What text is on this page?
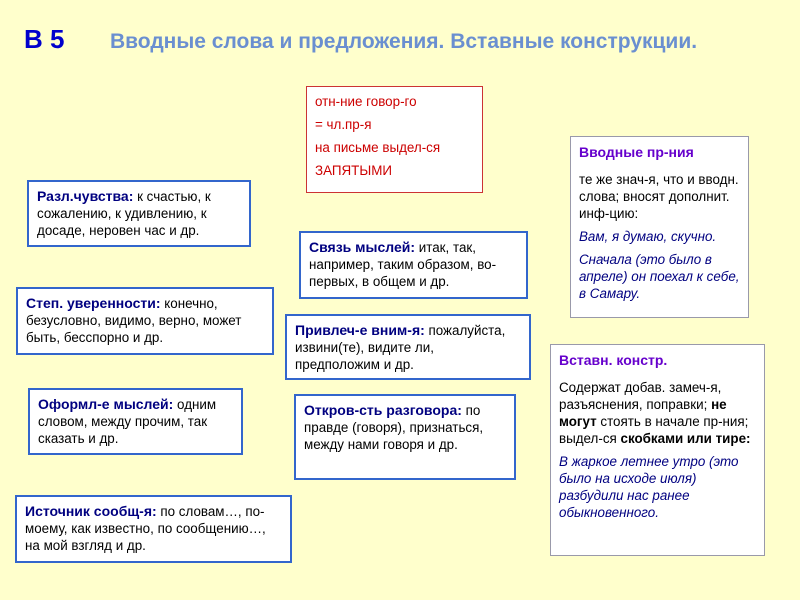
В 5 Вводные слова и предложения. Вставные конструкции.

отн-ние говор-го

= чл.пр-я

на письме выдел-ся

ЗАПЯТЫМИ

Разл.чувства: к счастью, к сожалению, к удивлению, к досаде, неровен час и др.
Степ. уверенности: конечно, безусловно, видимо, верно, может быть, бесспорно и др.
Оформл-е мыслей: одним словом, между прочим, так сказать и др.
Источник сообщ-я: по словам…, по-моему, как известно, по сообщению…, на мой взгляд и др.
Связь мыслей: итак, так, например, таким образом, во-первых, в общем и др.
Привлеч-е вним-я: пожалуйста, извини(те), видите ли, предположим и др.
Откров-сть разговора: по правде (говоря), признаться, между нами говоря и др.
Вводные пр-ния

те же знач-я, что и вводн. слова; вносят дополнит. инф-цию:

Вам, я думаю, скучно.

Сначала (это было в апреле) он поехал к себе, в Самару.

Вставн. констр.

Содержат добав. замеч-я, разъяснения, поправки; не могут стоять в начале пр-ния; выдел-ся скобками или тире:

В жаркое летнее утро (это было на исходе июля) разбудили нас ранее обыкновенного.
